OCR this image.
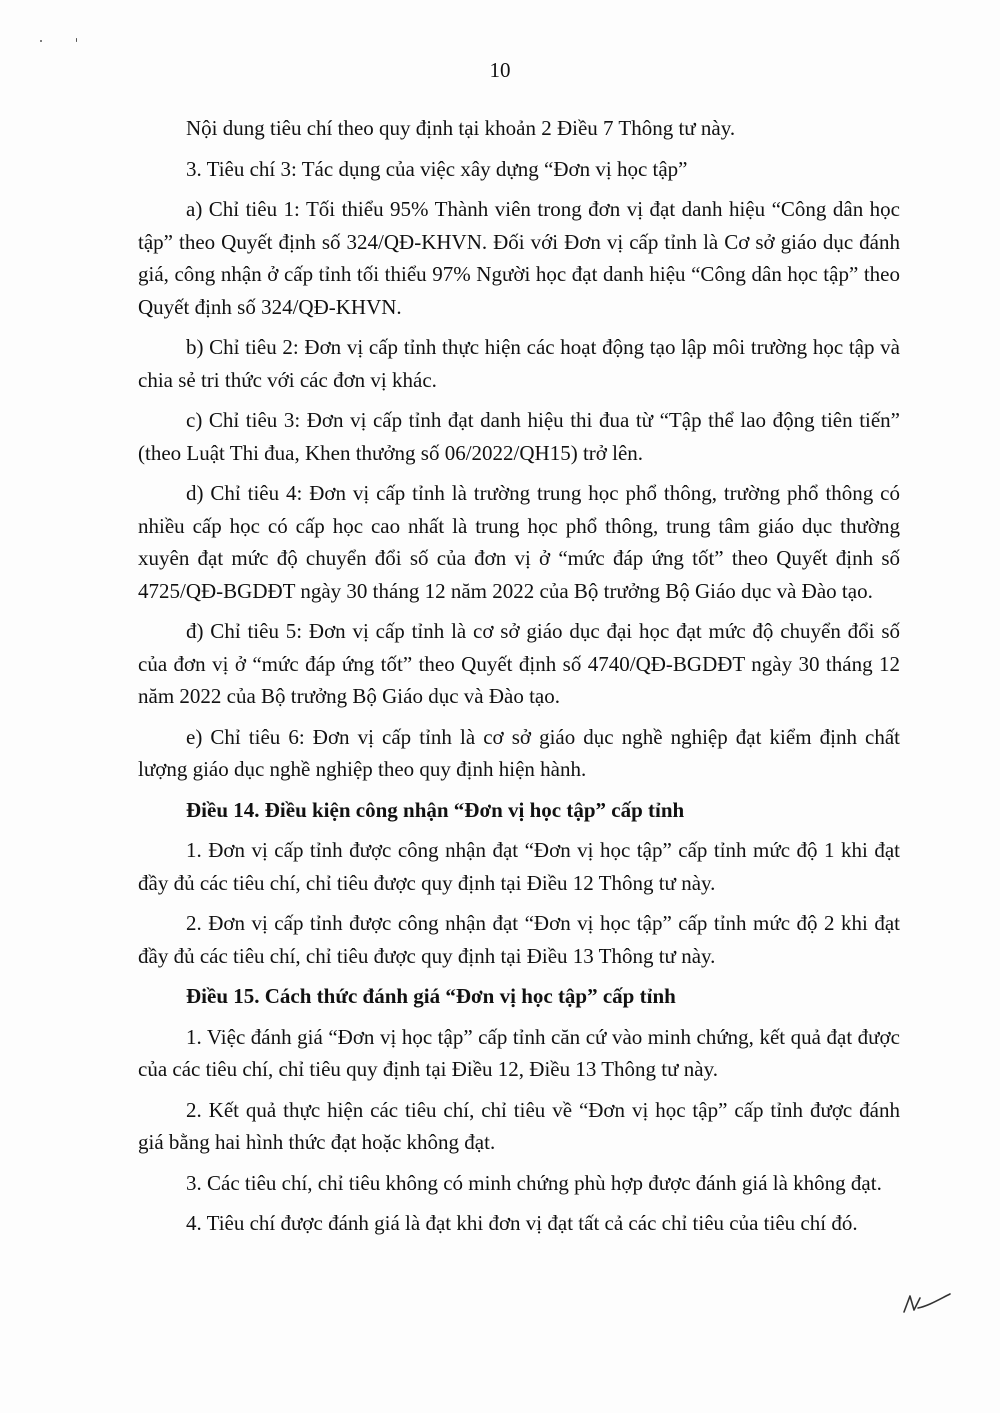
10

Nội dung tiêu chí theo quy định tại khoản 2 Điều 7 Thông tư này.

3. Tiêu chí 3: Tác dụng của việc xây dựng “Đơn vị học tập”

a) Chỉ tiêu 1: Tối thiểu 95% Thành viên trong đơn vị đạt danh hiệu “Công dân học tập” theo Quyết định số 324/QĐ-KHVN. Đối với Đơn vị cấp tỉnh là Cơ sở giáo dục đánh giá, công nhận ở cấp tỉnh tối thiểu 97% Người học đạt danh hiệu “Công dân học tập” theo Quyết định số 324/QĐ-KHVN.

b) Chỉ tiêu 2: Đơn vị cấp tỉnh thực hiện các hoạt động tạo lập môi trường học tập và chia sẻ tri thức với các đơn vị khác.

c) Chỉ tiêu 3: Đơn vị cấp tỉnh đạt danh hiệu thi đua từ “Tập thể lao động tiên tiến” (theo Luật Thi đua, Khen thưởng số 06/2022/QH15) trở lên.

d) Chỉ tiêu 4: Đơn vị cấp tỉnh là trường trung học phổ thông, trường phổ thông có nhiều cấp học có cấp học cao nhất là trung học phổ thông, trung tâm giáo dục thường xuyên đạt mức độ chuyển đổi số của đơn vị ở “mức đáp ứng tốt” theo Quyết định số 4725/QĐ-BGDĐT ngày 30 tháng 12 năm 2022 của Bộ trưởng Bộ Giáo dục và Đào tạo.

đ) Chỉ tiêu 5: Đơn vị cấp tỉnh là cơ sở giáo dục đại học đạt mức độ chuyển đổi số của đơn vị ở “mức đáp ứng tốt” theo Quyết định số 4740/QĐ-BGDĐT ngày 30 tháng 12 năm 2022 của Bộ trưởng Bộ Giáo dục và Đào tạo.

e) Chỉ tiêu 6: Đơn vị cấp tỉnh là cơ sở giáo dục nghề nghiệp đạt kiểm định chất lượng giáo dục nghề nghiệp theo quy định hiện hành.

Điều 14. Điều kiện công nhận “Đơn vị học tập” cấp tỉnh

1. Đơn vị cấp tỉnh được công nhận đạt “Đơn vị học tập” cấp tỉnh mức độ 1 khi đạt đầy đủ các tiêu chí, chỉ tiêu được quy định tại Điều 12 Thông tư này.

2. Đơn vị cấp tỉnh được công nhận đạt “Đơn vị học tập” cấp tỉnh mức độ 2 khi đạt đầy đủ các tiêu chí, chỉ tiêu được quy định tại Điều 13 Thông tư này.

Điều 15. Cách thức đánh giá “Đơn vị học tập” cấp tỉnh

1. Việc đánh giá “Đơn vị học tập” cấp tỉnh căn cứ vào minh chứng, kết quả đạt được của các tiêu chí, chỉ tiêu quy định tại Điều 12, Điều 13 Thông tư này.

2. Kết quả thực hiện các tiêu chí, chỉ tiêu về “Đơn vị học tập” cấp tỉnh được đánh giá bằng hai hình thức đạt hoặc không đạt.

3. Các tiêu chí, chỉ tiêu không có minh chứng phù hợp được đánh giá là không đạt.

4. Tiêu chí được đánh giá là đạt khi đơn vị đạt tất cả các chỉ tiêu của tiêu chí đó.
